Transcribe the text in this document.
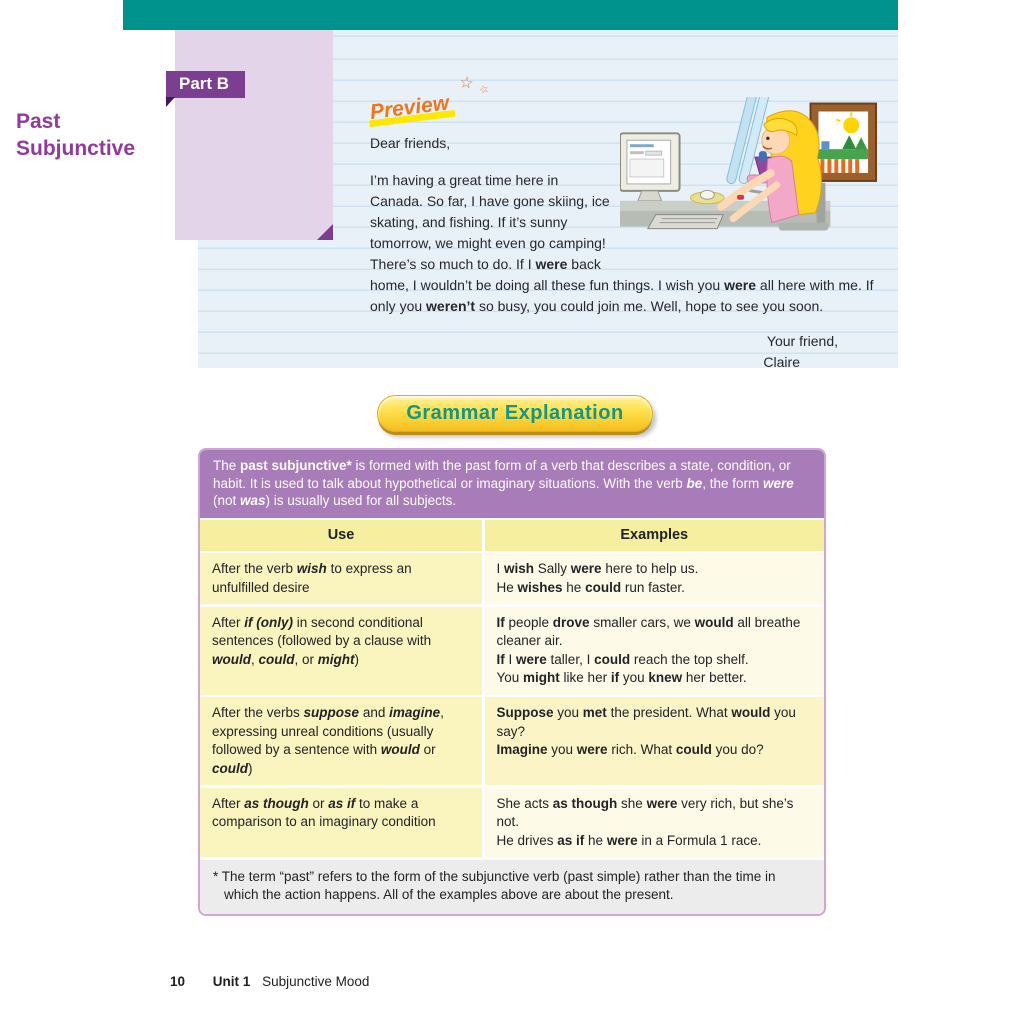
Past
Subjunctive
Part B
Preview
☆ ☆

Dear friends,

I’m having a great time here in Canada. So far, I have gone skiing, ice skating, and fishing. If it’s sunny tomorrow, we might even go camping! There’s so much to do. If I were back home, I wouldn’t be doing all these fun things. I wish you were all here with me. If only you weren’t so busy, you could join me. Well, hope to see you soon.

Your friend,
Claire
Grammar Explanation
The past subjunctive* is formed with the past form of a verb that describes a state, condition, or habit. It is used to talk about hypothetical or imaginary situations. With the verb be, the form were (not was) is usually used for all subjects.
Use	Examples
After the verb wish to express an unfulfilled desire
I wish Sally were here to help us.
He wishes he could run faster.
After if (only) in second conditional sentences (followed by a clause with would, could, or might)
If people drove smaller cars, we would all breathe cleaner air.
If I were taller, I could reach the top shelf.
You might like her if you knew her better.
After the verbs suppose and imagine, expressing unreal conditions (usually followed by a sentence with would or could)
Suppose you met the president. What would you say?
Imagine you were rich. What could you do?
After as though or as if to make a comparison to an imaginary condition
She acts as though she were very rich, but she’s not.
He drives as if he were in a Formula 1 race.
* The term “past” refers to the form of the subjunctive verb (past simple) rather than the time in which the action happens. All of the examples above are about the present.
10 Unit 1 Subjunctive Mood
